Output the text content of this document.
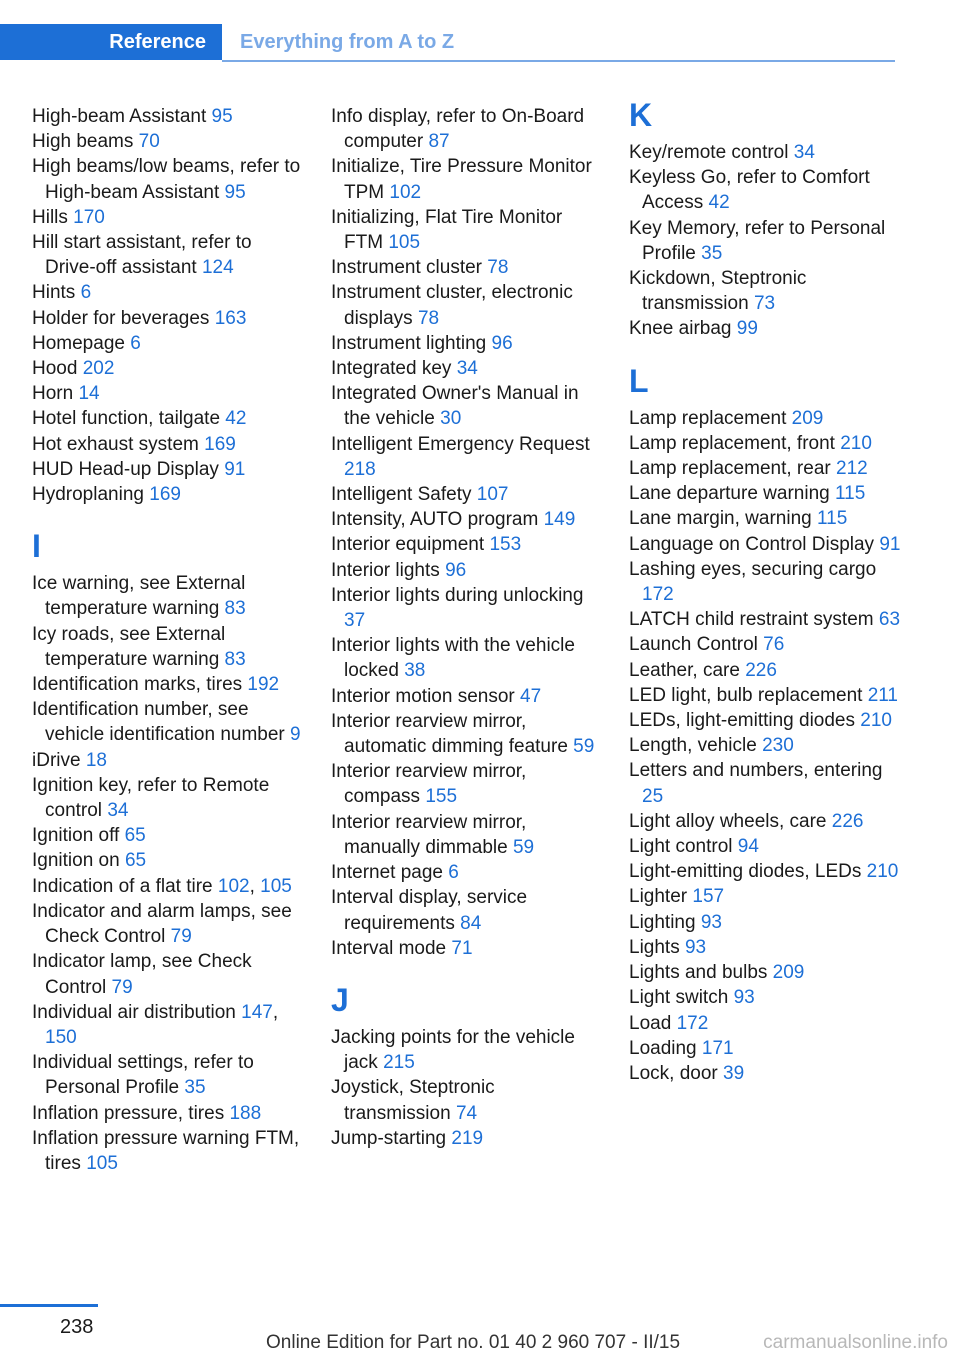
Reference	Everything from A to Z
High-beam Assistant 95
High beams 70
High beams/low beams, refer to High-beam Assistant 95
Hills 170
Hill start assistant, refer to Drive-off assistant 124
Hints 6
Holder for beverages 163
Homepage 6
Hood 202
Horn 14
Hotel function, tailgate 42
Hot exhaust system 169
HUD Head-up Display 91
Hydroplaning 169
I
Ice warning, see External temperature warning 83
Icy roads, see External temperature warning 83
Identification marks, tires 192
Identification number, see vehicle identification number 9
iDrive 18
Ignition key, refer to Remote control 34
Ignition off 65
Ignition on 65
Indication of a flat tire 102, 105
Indicator and alarm lamps, see Check Control 79
Indicator lamp, see Check Control 79
Individual air distribution 147, 150
Individual settings, refer to Personal Profile 35
Inflation pressure, tires 188
Inflation pressure warning FTM, tires 105
Info display, refer to On-Board computer 87
Initialize, Tire Pressure Monitor TPM 102
Initializing, Flat Tire Monitor FTM 105
Instrument cluster 78
Instrument cluster, electronic displays 78
Instrument lighting 96
Integrated key 34
Integrated Owner's Manual in the vehicle 30
Intelligent Emergency Request 218
Intelligent Safety 107
Intensity, AUTO program 149
Interior equipment 153
Interior lights 96
Interior lights during unlocking 37
Interior lights with the vehicle locked 38
Interior motion sensor 47
Interior rearview mirror, automatic dimming feature 59
Interior rearview mirror, compass 155
Interior rearview mirror, manually dimmable 59
Internet page 6
Interval display, service requirements 84
Interval mode 71
J
Jacking points for the vehicle jack 215
Joystick, Steptronic transmission 74
Jump-starting 219
K
Key/remote control 34
Keyless Go, refer to Comfort Access 42
Key Memory, refer to Personal Profile 35
Kickdown, Steptronic transmission 73
Knee airbag 99
L
Lamp replacement 209
Lamp replacement, front 210
Lamp replacement, rear 212
Lane departure warning 115
Lane margin, warning 115
Language on Control Display 91
Lashing eyes, securing cargo 172
LATCH child restraint system 63
Launch Control 76
Leather, care 226
LED light, bulb replacement 211
LEDs, light-emitting diodes 210
Length, vehicle 230
Letters and numbers, entering 25
Light alloy wheels, care 226
Light control 94
Light-emitting diodes, LEDs 210
Lighter 157
Lighting 93
Lights 93
Lights and bulbs 209
Light switch 93
Load 172
Loading 171
Lock, door 39
238
Online Edition for Part no. 01 40 2 960 707 - II/15	carmanualsonline.info
